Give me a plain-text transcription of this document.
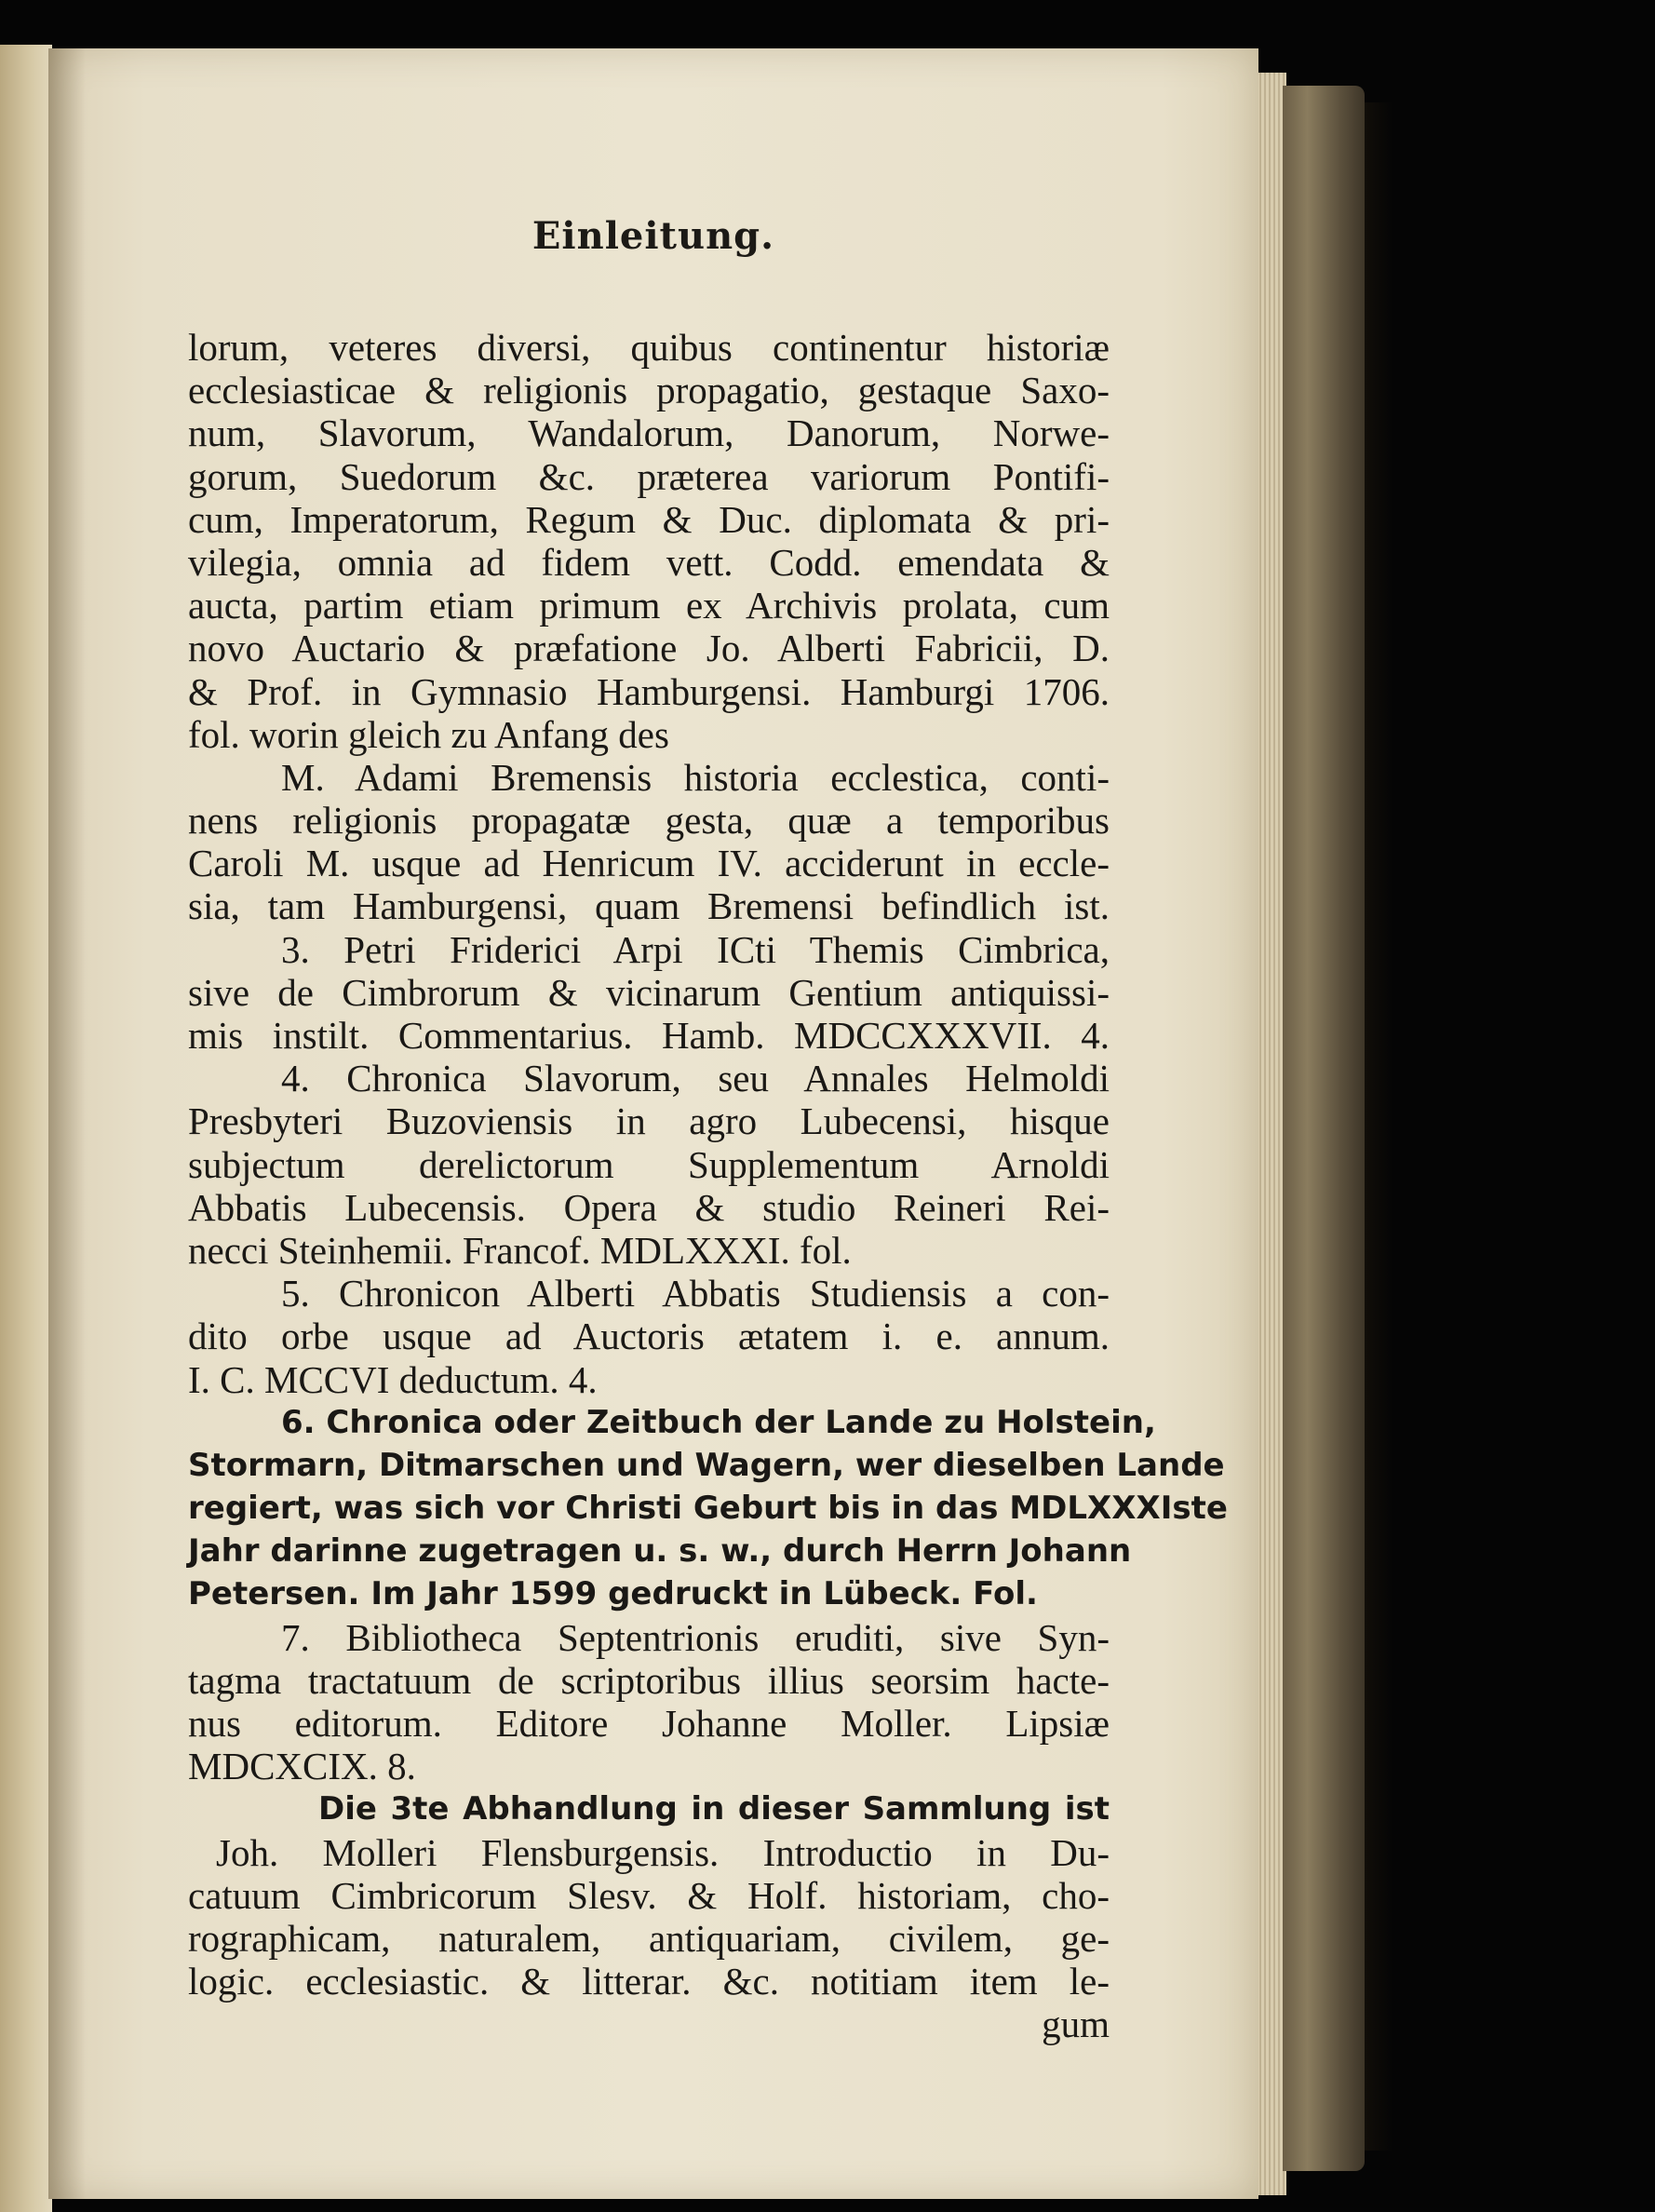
Einleitung.
lorum, veteres diversi, quibus continentur historiæ
ecclesiasticae & religionis propagatio, gestaque Saxo-
num, Slavorum, Wandalorum, Danorum, Norwe-
gorum, Suedorum &c. præterea variorum Pontifi-
cum, Imperatorum, Regum & Duc. diplomata & pri-
vilegia, omnia ad fidem vett. Codd. emendata &
aucta, partim etiam primum ex Archivis prolata, cum
novo Auctario & præfatione Jo. Alberti Fabricii, D.
& Prof. in Gymnasio Hamburgensi. Hamburgi 1706.
fol. worin gleich zu Anfang des
M. Adami Bremensis historia ecclestica, conti-
nens religionis propagatæ gesta, quæ a temporibus
Caroli M. usque ad Henricum IV. acciderunt in eccle-
sia, tam Hamburgensi, quam Bremensi befindlich ist.
3. Petri Friderici Arpi ICti Themis Cimbrica,
sive de Cimbrorum & vicinarum Gentium antiquissi-
mis instilt. Commentarius. Hamb. MDCCXXXVII. 4.
4. Chronica Slavorum, seu Annales Helmoldi
Presbyteri Buzoviensis in agro Lubecensi, hisque
subjectum derelictorum Supplementum Arnoldi
Abbatis Lubecensis. Opera & studio Reineri Rei-
necci Steinhemii. Francof. MDLXXXI. fol.
5. Chronicon Alberti Abbatis Studiensis a con-
dito orbe usque ad Auctoris ætatem i. e. annum.
I. C. MCCVI deductum. 4.
6. Chronica oder Zeitbuch der Lande zu Holstein,
Stormarn, Ditmarschen und Wagern, wer dieselben Lande
regiert, was sich vor Christi Geburt bis in das MDLXXXIste
Jahr darinne zugetragen u. s. w., durch Herrn Johann
Petersen. Im Jahr 1599 gedruckt in Lübeck. Fol.
7. Bibliotheca Septentrionis eruditi, sive Syn-
tagma tractatuum de scriptoribus illius seorsim hacte-
nus editorum. Editore Johanne Moller. Lipsiæ
MDCXCIX. 8.
Die 3te Abhandlung in dieser Sammlung ist
Joh. Molleri Flensburgensis. Introductio in Du-
catuum Cimbricorum Slesv. & Holf. historiam, cho-
rographicam, naturalem, antiquariam, civilem, ge-
logic. ecclesiastic. & litterar. &c. notitiam item le-
gum
